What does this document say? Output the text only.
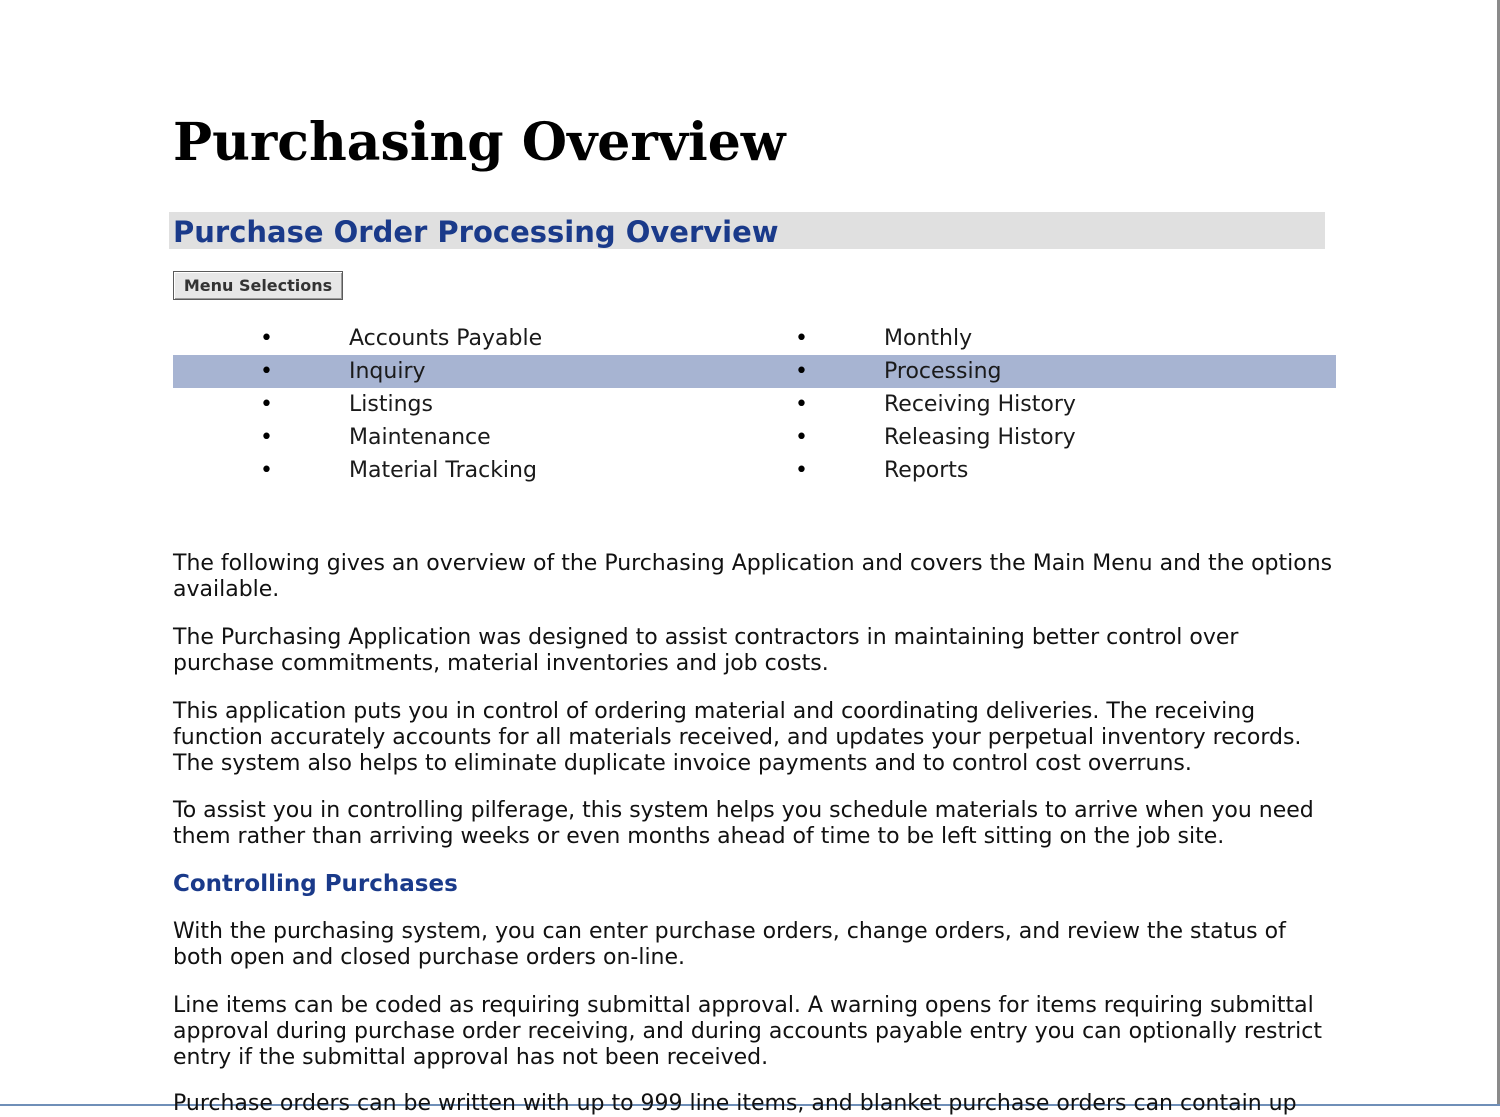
Purchasing Overview
Purchase Order Processing Overview
Menu Selections
•	Accounts Payable	•	Monthly
•	Inquiry	•	Processing
•	Listings	•	Receiving History
•	Maintenance	•	Releasing History
•	Material Tracking	•	Reports

The following gives an overview of the Purchasing Application and covers the Main Menu and the options available.

The Purchasing Application was designed to assist contractors in maintaining better control over purchase commitments, material inventories and job costs.

This application puts you in control of ordering material and coordinating deliveries. The receiving function accurately accounts for all materials received, and updates your perpetual inventory records. The system also helps to eliminate duplicate invoice payments and to control cost overruns.

To assist you in controlling pilferage, this system helps you schedule materials to arrive when you need them rather than arriving weeks or even months ahead of time to be left sitting on the job site.

Controlling Purchases

With the purchasing system, you can enter purchase orders, change orders, and review the status of both open and closed purchase orders on-line.

Line items can be coded as requiring submittal approval. A warning opens for items requiring submittal approval during purchase order receiving, and during accounts payable entry you can optionally restrict entry if the submittal approval has not been received.

Purchase orders can be written with up to 999 line items, and blanket purchase orders can contain up
